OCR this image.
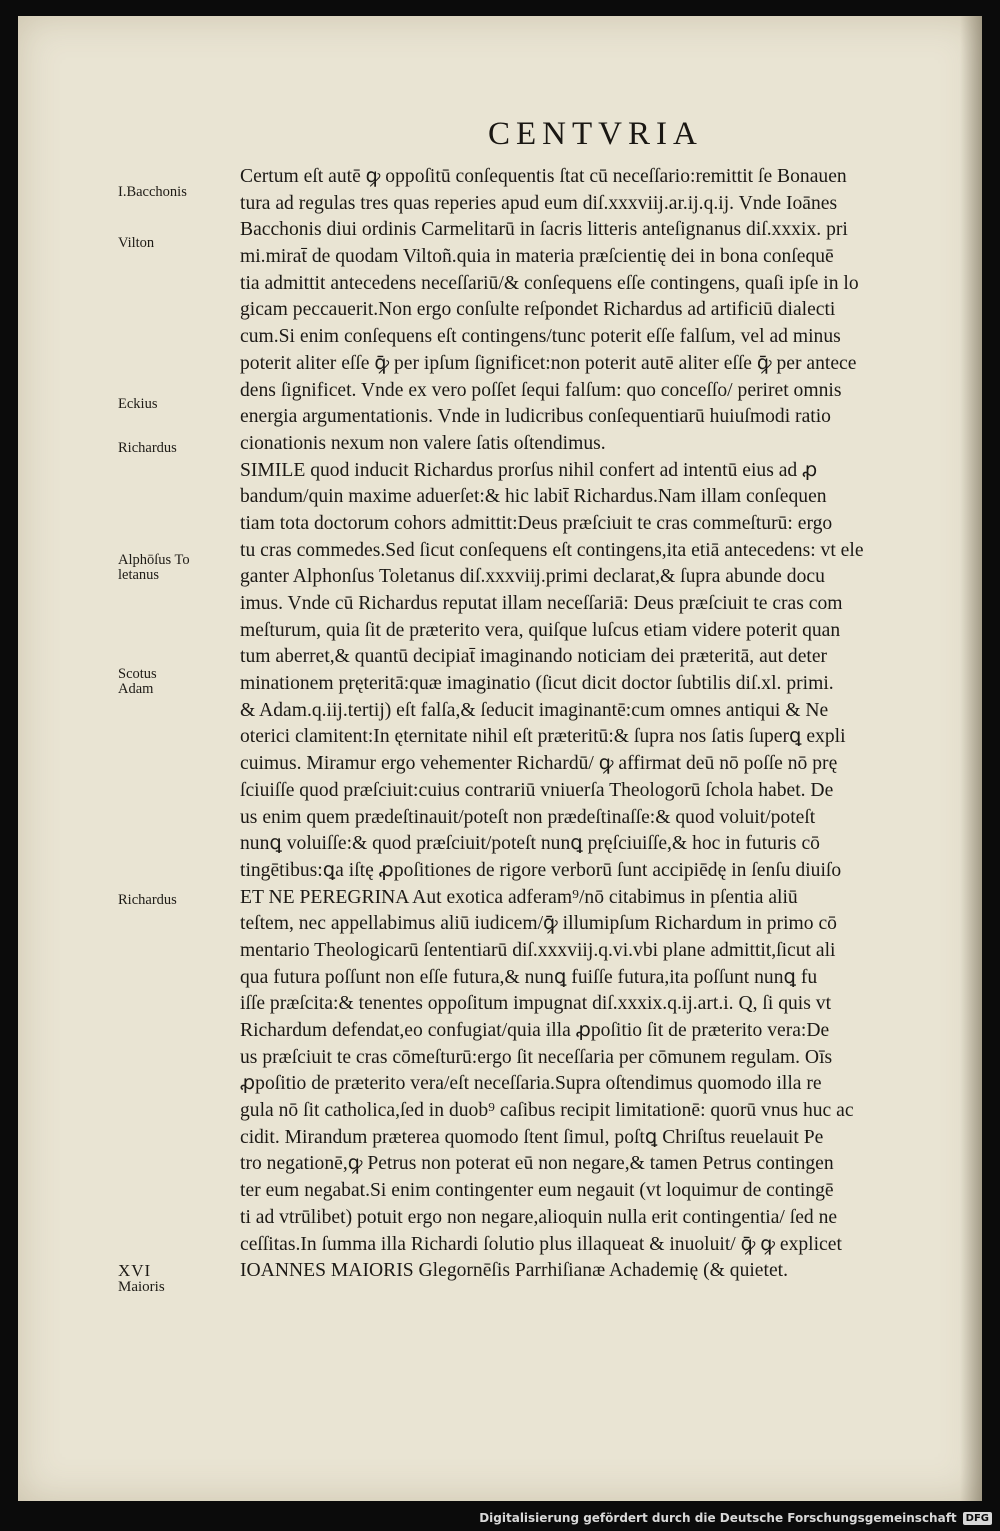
CENTVRIA
Certum eſt autē ꝙ oppoſitū conſequentis ſtat cū neceſſario:remittit ſe Bonauen
tura ad regulas tres quas reperies apud eum diſ.xxxviij.ar.ij.q.ij. Vnde Ioānes
Bacchonis diui ordinis Carmelitarū in ſacris litteris anteſignanus diſ.xxxix. pri
mi.mirat̄ de quodam Viltoñ.quia in materia præſcientię dei in bona conſequē
tia admittit antecedens neceſſariū/& conſequens eſſe contingens, quaſi ipſe in lo
gicam peccauerit.Non ergo conſulte reſpondet Richardus ad artificiū dialecti
cum.Si enim conſequens eſt contingens/tunc poterit eſſe falſum, vel ad minus
poterit aliter eſſe ꝙ̄ per ipſum ſignificet:non poterit autē aliter eſſe ꝙ̄ per antece
dens ſignificet. Vnde ex vero poſſet ſequi falſum: quo conceſſo/ periret omnis
energia argumentationis. Vnde in ludicribus conſequentiarū huiuſmodi ratio
cionationis nexum non valere ſatis oſtendimus.
SIMILE quod inducit Richardus prorſus nihil confert ad intentū eius ad ꝓ
bandum/quin maxime aduerſet:& hic labit̄ Richardus.Nam illam conſequen
tiam tota doctorum cohors admittit:Deus præſciuit te cras commeſturū: ergo
tu cras commedes.Sed ſicut conſequens eſt contingens,ita etiā antecedens: vt ele
ganter Alphonſus Toletanus diſ.xxxviij.primi declarat,& ſupra abunde docu
imus. Vnde cū Richardus reputat illam neceſſariā: Deus præſciuit te cras com
meſturum, quia ſit de præterito vera, quiſque luſcus etiam videre poterit quan
tum aberret,& quantū decipiat̄ imaginando noticiam dei præteritā, aut deter
minationem pręteritā:quæ imaginatio (ſicut dicit doctor ſubtilis diſ.xl. primi.
& Adam.q.iij.tertij) eſt falſa,& ſeducit imaginantē:cum omnes antiqui & Ne
oterici clamitent:In ęternitate nihil eſt præteritū:& ſupra nos ſatis ſuperꝗ expli
cuimus. Miramur ergo vehementer Richardū/ ꝙ affirmat deū nō poſſe nō prę
ſciuiſſe quod præſciuit:cuius contrariū vniuerſa Theologorū ſchola habet. De
us enim quem prædeſtinauit/poteſt non prædeſtinaſſe:& quod voluit/poteſt
nunꝗ voluiſſe:& quod præſciuit/poteſt nunꝗ pręſciuiſſe,& hoc in futuris cō
tingētibus:ꝗa iſtę ꝓpoſitiones de rigore verborū ſunt accipiēdę in ſenſu diuiſo
ET NE PEREGRINA Aut exotica adferam⁹/nō citabimus in pſentia aliū
teſtem, nec appellabimus aliū iudicem/ꝙ̄ illumipſum Richardum in primo cō
mentario Theologicarū ſententiarū diſ.xxxviij.q.vi.vbi plane admittit,ſicut ali
qua futura poſſunt non eſſe futura,& nunꝗ fuiſſe futura,ita poſſunt nunꝗ fu
iſſe præſcita:& tenentes oppoſitum impugnat diſ.xxxix.q.ij.art.i. Q, ſi quis vt
Richardum defendat,eo confugiat/quia illa ꝓpoſitio ſit de præterito vera:De
us præſciuit te cras cōmeſturū:ergo ſit neceſſaria per cōmunem regulam. Oīs
ꝓpoſitio de præterito vera/eſt neceſſaria.Supra oſtendimus quomodo illa re
gula nō ſit catholica,ſed in duob⁹ caſibus recipit limitationē: quorū vnus huc ac
cidit. Mirandum præterea quomodo ſtent ſimul, poſtꝗ Chriſtus reuelauit Pe
tro negationē,ꝙ Petrus non poterat eū non negare,& tamen Petrus contingen
ter eum negabat.Si enim contingenter eum negauit (vt loquimur de contingē
ti ad vtrūlibet) potuit ergo non negare,alioquin nulla erit contingentia/ ſed ne
ceſſitas.In ſumma illa Richardi ſolutio plus illaqueat & inuoluit/ ꝙ̄ ꝙ explicet
IOANNES MAIORIS Glegornēſis Parrhiſianæ Achademię (& quietet.
I.Bacchonis
Vilton
Eckius
Richardus
Alphōſus To letanus
Scotus Adam
Richardus
XVI
Maioris
Digitalisierung gefördert durch die Deutsche Forschungsgemeinschaft DFG
